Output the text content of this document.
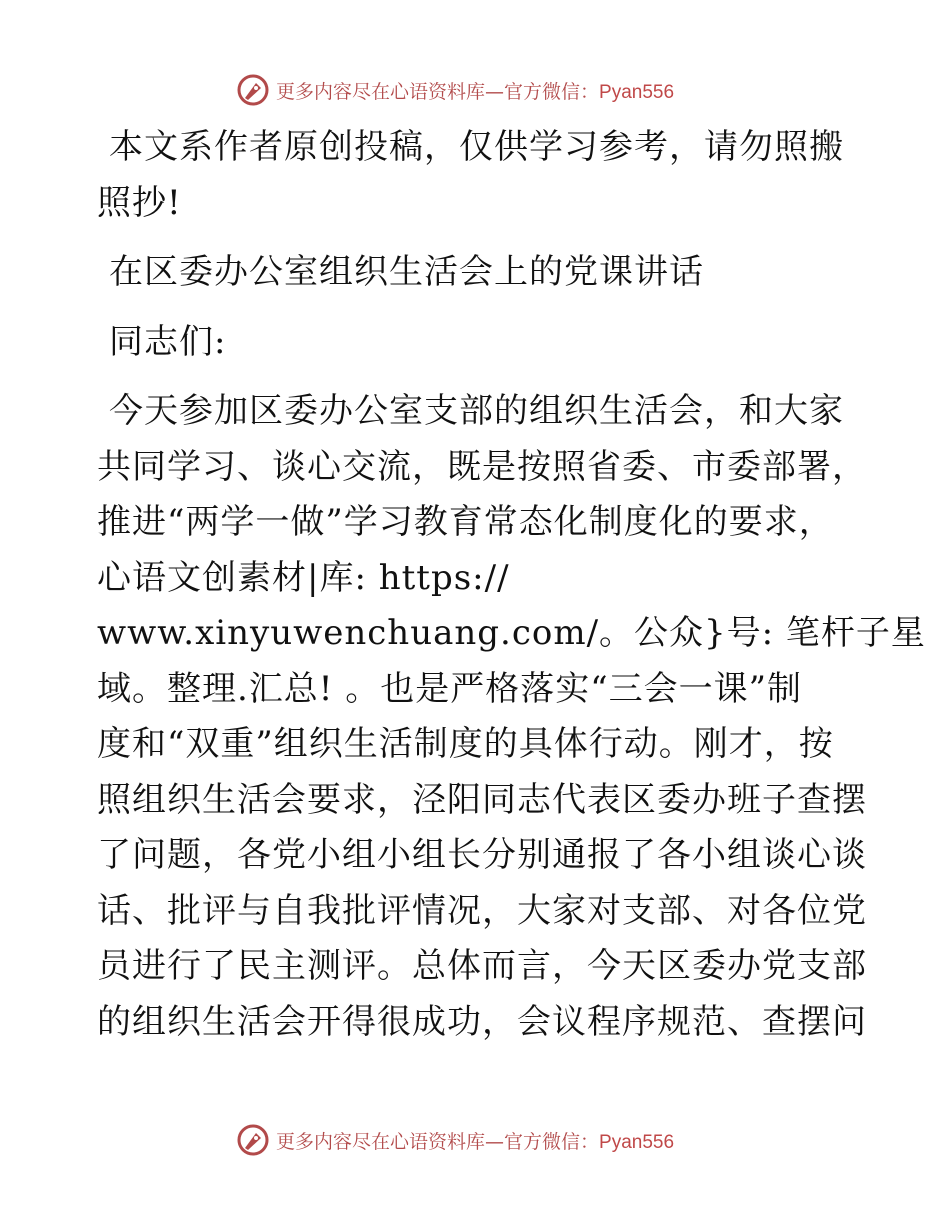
更多内容尽在心语资料库—官方微信：Pyan556

本文系作者原创投稿，仅供学习参考，请勿照搬
照抄!

在区委办公室组织生活会上的党课讲话

同志们:

今天参加区委办公室支部的组织生活会，和大家
共同学习、谈心交流，既是按照省委、市委部署，
推进“两学一做”学习教育常态化制度化的要求，
心语文创素材|库: https://
www.xinyuwenchuang.com/。公众}号: 笔杆子星
域。整理.汇总! 。也是严格落实“三会一课”制
度和“双重”组织生活制度的具体行动。刚才，按
照组织生活会要求，泾阳同志代表区委办班子查摆
了问题，各党小组小组长分别通报了各小组谈心谈
话、批评与自我批评情况，大家对支部、对各位党
员进行了民主测评。总体而言，今天区委办党支部
的组织生活会开得很成功，会议程序规范、查摆问

更多内容尽在心语资料库—官方微信：Pyan556
